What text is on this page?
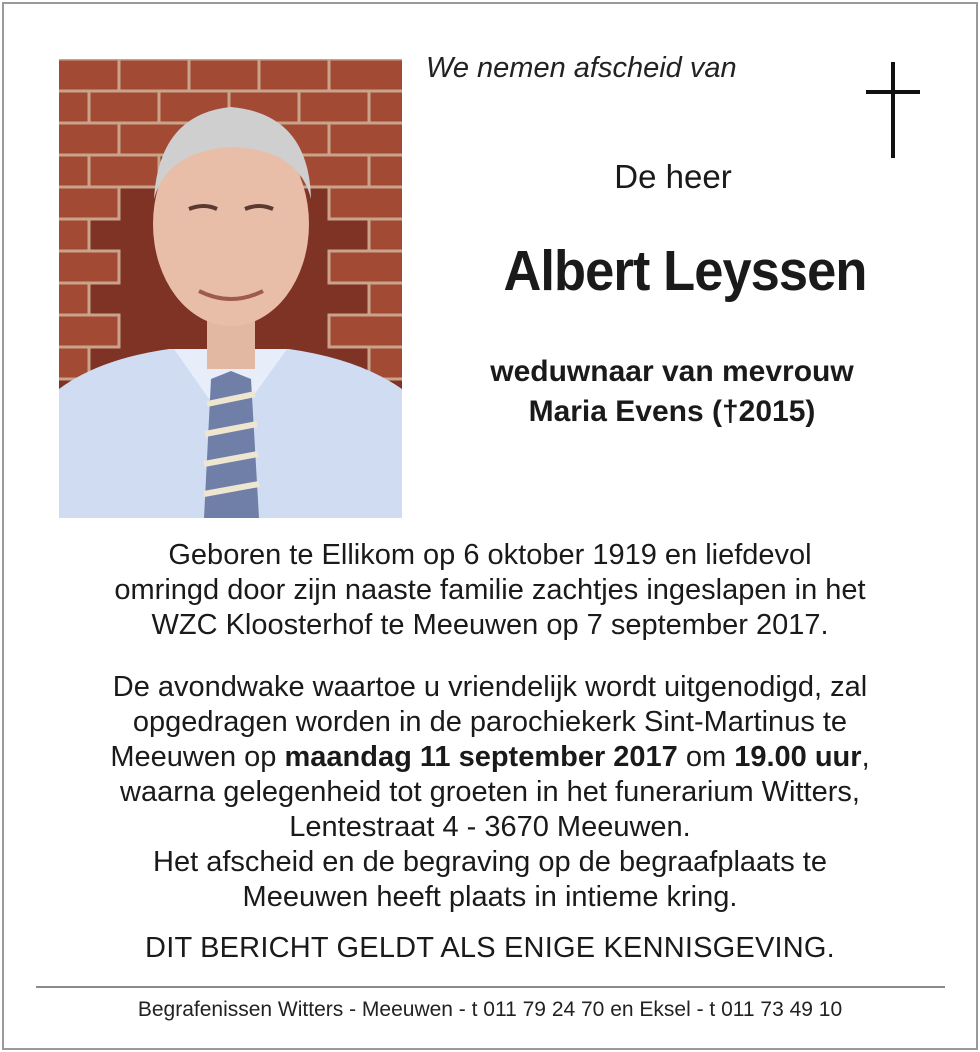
We nemen afscheid van
De heer
Albert Leyssen
weduwnaar van mevrouw
Maria Evens (†2015)
Geboren te Ellikom op 6 oktober 1919 en liefdevol
omringd door zijn naaste familie zachtjes ingeslapen in het
WZC Kloosterhof te Meeuwen op 7 september 2017.
De avondwake waartoe u vriendelijk wordt uitgenodigd, zal
opgedragen worden in de parochiekerk Sint-Martinus te
Meeuwen op maandag 11 september 2017 om 19.00 uur,
waarna gelegenheid tot groeten in het funerarium Witters,
Lentestraat 4 - 3670 Meeuwen.
Het afscheid en de begraving op de begraafplaats te
Meeuwen heeft plaats in intieme kring.
DIT BERICHT GELDT ALS ENIGE KENNISGEVING.
Begrafenissen Witters - Meeuwen - t 011 79 24 70 en Eksel - t 011 73 49 10
